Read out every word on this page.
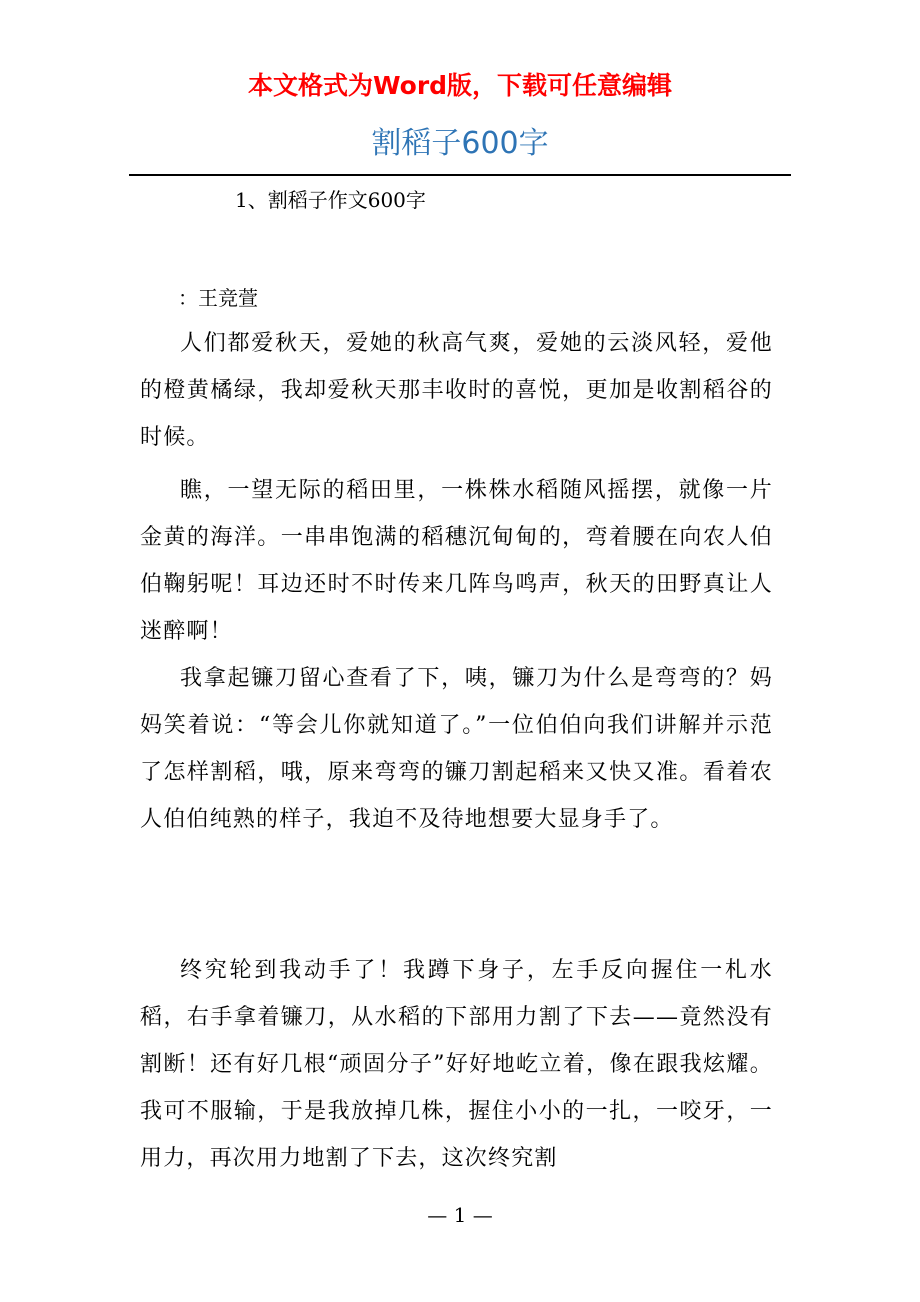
本文格式为Word版，下载可任意编辑
割稻子600字
1、割稻子作文600字
：王竞萱

人们都爱秋天，爱她的秋高气爽，爱她的云淡风轻，爱他的橙黄橘绿，我却爱秋天那丰收时的喜悦，更加是收割稻谷的时候。

瞧，一望无际的稻田里，一株株水稻随风摇摆，就像一片金黄的海洋。一串串饱满的稻穗沉甸甸的，弯着腰在向农人伯伯鞠躬呢！耳边还时不时传来几阵鸟鸣声，秋天的田野真让人迷醉啊！

我拿起镰刀留心查看了下，咦，镰刀为什么是弯弯的？妈妈笑着说：“等会儿你就知道了。”一位伯伯向我们讲解并示范了怎样割稻，哦，原来弯弯的镰刀割起稻来又快又准。看着农人伯伯纯熟的样子，我迫不及待地想要大显身手了。

终究轮到我动手了！我蹲下身子，左手反向握住一札水稻，右手拿着镰刀，从水稻的下部用力割了下去——竟然没有割断！还有好几根“顽固分子”好好地屹立着，像在跟我炫耀。我可不服输，于是我放掉几株，握住小小的一扎，一咬牙，一用力，再次用力地割了下去，这次终究割

— 1 —
